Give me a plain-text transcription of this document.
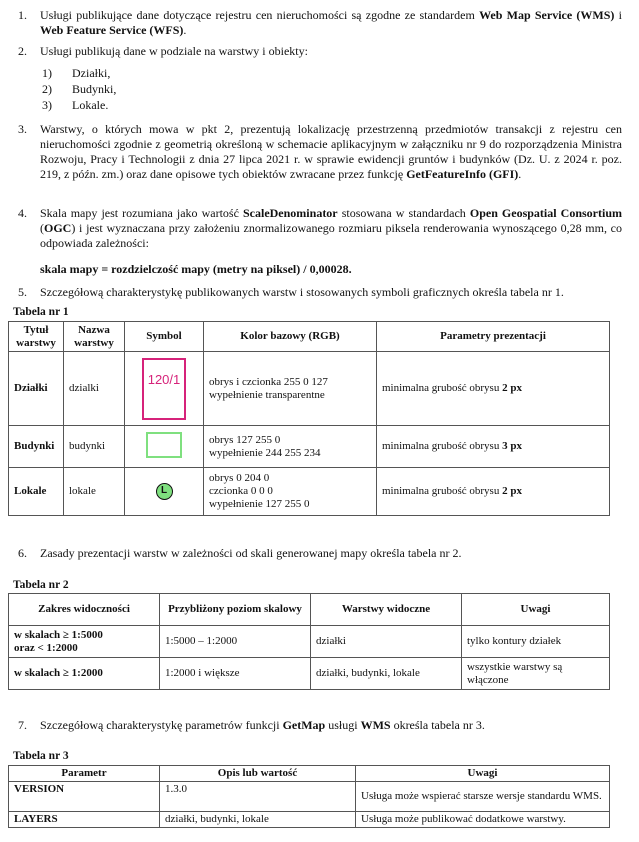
1. Usługi publikujące dane dotyczące rejestru cen nieruchomości są zgodne ze standardem Web Map Service (WMS) i Web Feature Service (WFS).
2. Usługi publikują dane w podziale na warstwy i obiekty:
1) Działki,
2) Budynki,
3) Lokale.
3. Warstwy, o których mowa w pkt 2, prezentują lokalizację przestrzenną przedmiotów transakcji z rejestru cen nieruchomości zgodnie z geometrią określoną w schemacie aplikacyjnym w załączniku nr 9 do rozporządzenia Ministra Rozwoju, Pracy i Technologii z dnia 27 lipca 2021 r. w sprawie ewidencji gruntów i budynków (Dz. U. z 2024 r. poz. 219, z późn. zm.) oraz dane opisowe tych obiektów zwracane przez funkcję GetFeatureInfo (GFI).
4. Skala mapy jest rozumiana jako wartość ScaleDenominator stosowana w standardach Open Geospatial Consortium (OGC) i jest wyznaczana przy założeniu znormalizowanego rozmiaru piksela renderowania wynoszącego 0,28 mm, co odpowiada zależności:
skala mapy = rozdzielczość mapy (metry na piksel) / 0,00028.
5. Szczegółową charakterystykę publikowanych warstw i stosowanych symboli graficznych określa tabela nr 1.
Tabela nr 1
Tytuł warstwy	Nazwa warstwy	Symbol	Kolor bazowy (RGB)	Parametry prezentacji
Działki	dzialki	120/1	obrys i czcionka 255 0 127
wypełnienie transparentne	minimalna grubość obrysu 2 px
Budynki	budynki		obrys 127 255 0
wypełnienie 244 255 234	minimalna grubość obrysu 3 px
Lokale	lokale	L	obrys 0 204 0
czcionka 0 0 0
wypełnienie 127 255 0	minimalna grubość obrysu 2 px
6. Zasady prezentacji warstw w zależności od skali generowanej mapy określa tabela nr 2.
Tabela nr 2
Zakres widoczności	Przybliżony poziom skalowy	Warstwy widoczne	Uwagi

w skalach ≥ 1:5000
oraz < 1:2000	1:5000 – 1:2000	działki	tylko kontury działek
w skalach ≥ 1:2000	1:2000 i większe	działki, budynki, lokale	wszystkie warstwy są włączone
7. Szczegółową charakterystykę parametrów funkcji GetMap usługi WMS określa tabela nr 3.
Tabela nr 3
Parametr	Opis lub wartość	Uwagi
VERSION	1.3.0	Usługa może wspierać starsze wersje standardu WMS.
LAYERS	działki, budynki, lokale	Usługa może publikować dodatkowe warstwy.
